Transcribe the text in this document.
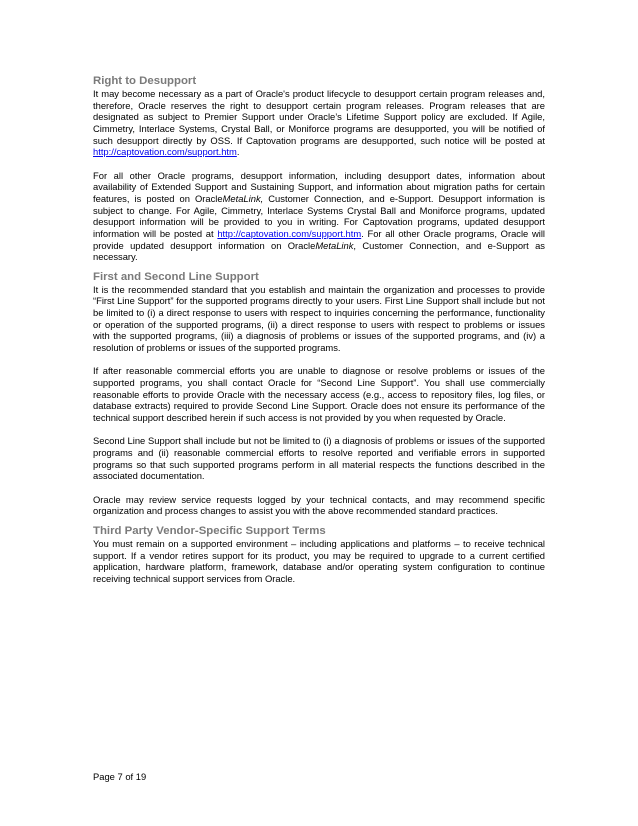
Right to Desupport

It may become necessary as a part of Oracle's product lifecycle to desupport certain program releases and, therefore, Oracle reserves the right to desupport certain program releases. Program releases that are designated as subject to Premier Support under Oracle’s Lifetime Support policy are excluded. If Agile, Cimmetry, Interlace Systems, Crystal Ball, or Moniforce programs are desupported, you will be notified of such desupport directly by OSS. If Captovation programs are desupported, such notice will be posted at http://captovation.com/support.htm.

For all other Oracle programs, desupport information, including desupport dates, information about availability of Extended Support and Sustaining Support, and information about migration paths for certain features, is posted on OracleMetaLink, Customer Connection, and e-Support. Desupport information is subject to change. For Agile, Cimmetry, Interlace Systems Crystal Ball and Moniforce programs, updated desupport information will be provided to you in writing. For Captovation programs, updated desupport information will be posted at http://captovation.com/support.htm. For all other Oracle programs, Oracle will provide updated desupport information on OracleMetaLink, Customer Connection, and e-Support as necessary.

First and Second Line Support

It is the recommended standard that you establish and maintain the organization and processes to provide “First Line Support” for the supported programs directly to your users. First Line Support shall include but not be limited to (i) a direct response to users with respect to inquiries concerning the performance, functionality or operation of the supported programs, (ii) a direct response to users with respect to problems or issues with the supported programs, (iii) a diagnosis of problems or issues of the supported programs, and (iv) a resolution of problems or issues of the supported programs.

If after reasonable commercial efforts you are unable to diagnose or resolve problems or issues of the supported programs, you shall contact Oracle for “Second Line Support”. You shall use commercially reasonable efforts to provide Oracle with the necessary access (e.g., access to repository files, log files, or database extracts) required to provide Second Line Support. Oracle does not ensure its performance of the technical support described herein if such access is not provided by you when requested by Oracle.

Second Line Support shall include but not be limited to (i) a diagnosis of problems or issues of the supported programs and (ii) reasonable commercial efforts to resolve reported and verifiable errors in supported programs so that such supported programs perform in all material respects the functions described in the associated documentation.

Oracle may review service requests logged by your technical contacts, and may recommend specific organization and process changes to assist you with the above recommended standard practices.

Third Party Vendor-Specific Support Terms

You must remain on a supported environment – including applications and platforms – to receive technical support. If a vendor retires support for its product, you may be required to upgrade to a current certified application, hardware platform, framework, database and/or operating system configuration to continue receiving technical support services from Oracle.

Page 7 of 19
